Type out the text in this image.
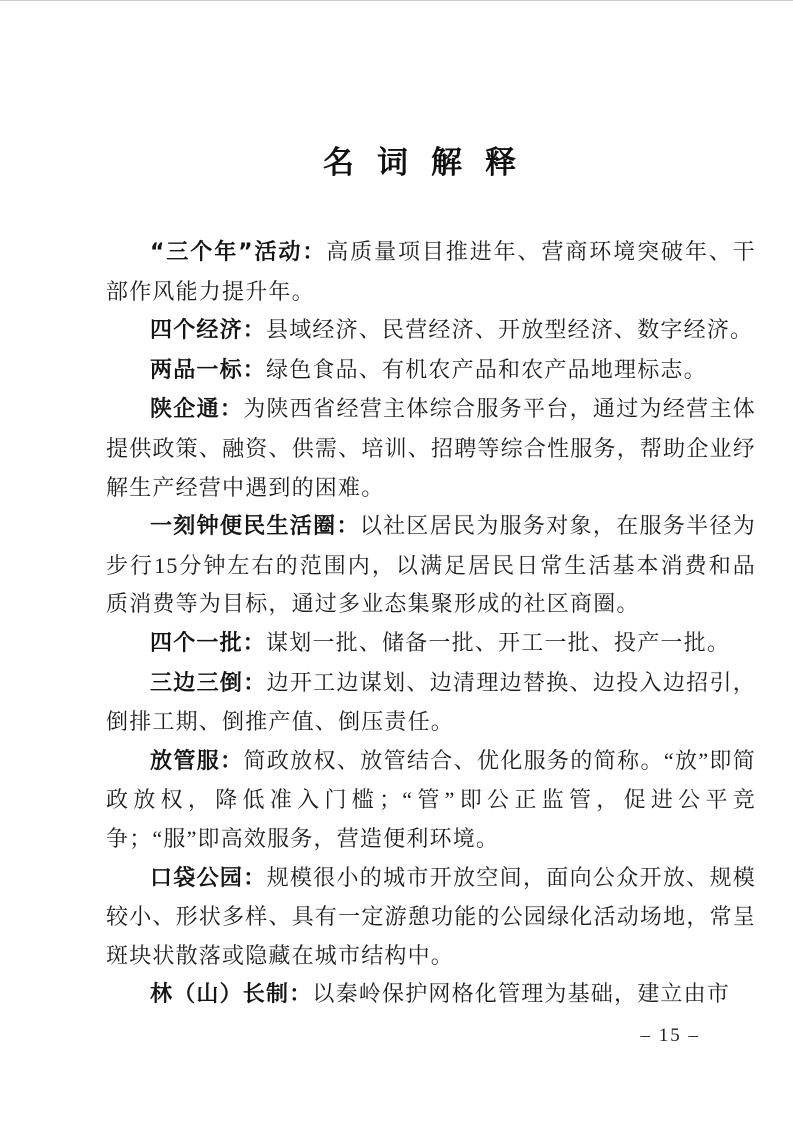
名词解释

“三个年”活动：高质量项目推进年、营商环境突破年、干部作风能力提升年。

四个经济：县域经济、民营经济、开放型经济、数字经济。

两品一标：绿色食品、有机农产品和农产品地理标志。

陕企通：为陕西省经营主体综合服务平台，通过为经营主体提供政策、融资、供需、培训、招聘等综合性服务，帮助企业纾解生产经营中遇到的困难。

一刻钟便民生活圈：以社区居民为服务对象，在服务半径为步行15分钟左右的范围内，以满足居民日常生活基本消费和品质消费等为目标，通过多业态集聚形成的社区商圈。

四个一批：谋划一批、储备一批、开工一批、投产一批。

三边三倒：边开工边谋划、边清理边替换、边投入边招引，倒排工期、倒推产值、倒压责任。

放管服：简政放权、放管结合、优化服务的简称。“放”即简政放权，降低准入门槛；“管”即公正监管，促进公平竞争；“服”即高效服务，营造便利环境。

口袋公园：规模很小的城市开放空间，面向公众开放、规模较小、形状多样、具有一定游憩功能的公园绿化活动场地，常呈斑块状散落或隐藏在城市结构中。

林（山）长制：以秦岭保护网格化管理为基础，建立由市

– 15 –
